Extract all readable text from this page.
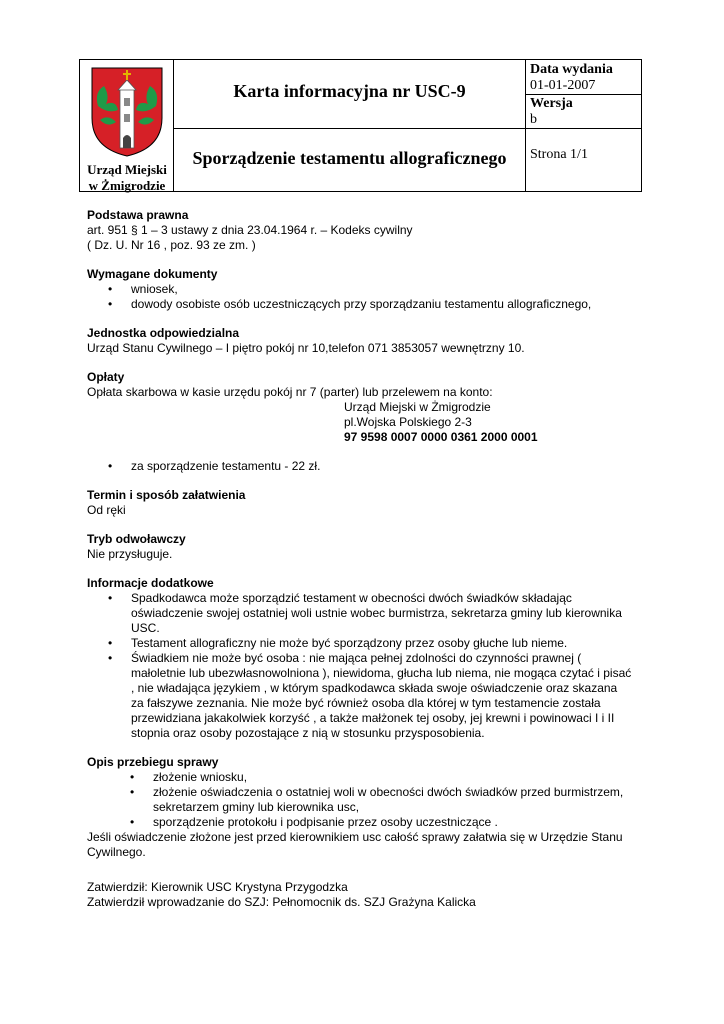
Urząd Miejski
w Żmigrodzie
Karta informacyjna nr USC-9
Sporządzenie testamentu allograficznego
Data wydania
01-01-2007
Wersja
b
Strona 1/1
Podstawa prawna
art. 951 § 1 – 3 ustawy z dnia 23.04.1964 r. – Kodeks cywilny
( Dz. U. Nr 16 , poz. 93 ze zm. )
Wymagane dokumenty
• wniosek,
• dowody osobiste osób uczestniczących przy sporządzaniu testamentu allograficznego,
Jednostka odpowiedzialna
Urząd Stanu Cywilnego – I piętro pokój nr 10,telefon 071 3853057 wewnętrzny 10.
Opłaty
Opłata skarbowa w kasie urzędu pokój nr 7 (parter) lub przelewem na konto:
Urząd Miejski w Żmigrodzie
pl.Wojska Polskiego 2-3
97 9598 0007 0000 0361 2000 0001
• za sporządzenie testamentu - 22 zł.
Termin i sposób załatwienia
Od ręki
Tryb odwoławczy
Nie przysługuje.
Informacje dodatkowe
• Spadkodawca może sporządzić testament w obecności dwóch świadków składając
oświadczenie swojej ostatniej woli ustnie wobec burmistrza, sekretarza gminy lub kierownika
USC.
• Testament allograficzny nie może być sporządzony przez osoby głuche lub nieme.
• Świadkiem nie może być osoba : nie mająca pełnej zdolności do czynności prawnej (
małoletnie lub ubezwłasnowolniona ), niewidoma, głucha lub niema, nie mogąca czytać i pisać
, nie władająca językiem , w którym spadkodawca składa swoje oświadczenie oraz skazana
za fałszywe zeznania. Nie może być również osoba dla której w tym testamencie została
przewidziana jakakolwiek korzyść , a także małżonek tej osoby, jej krewni i powinowaci I i II
stopnia oraz osoby pozostające z nią w stosunku przysposobienia.
Opis przebiegu sprawy
• złożenie wniosku,
• złożenie oświadczenia o ostatniej woli w obecności dwóch świadków przed burmistrzem,
sekretarzem gminy lub kierownika usc,
• sporządzenie protokołu i podpisanie przez osoby uczestniczące .
Jeśli oświadczenie złożone jest przed kierownikiem usc całość sprawy załatwia się w Urzędzie Stanu
Cywilnego.
Zatwierdził: Kierownik USC Krystyna Przygodzka
Zatwierdził wprowadzanie do SZJ: Pełnomocnik ds. SZJ Grażyna Kalicka
